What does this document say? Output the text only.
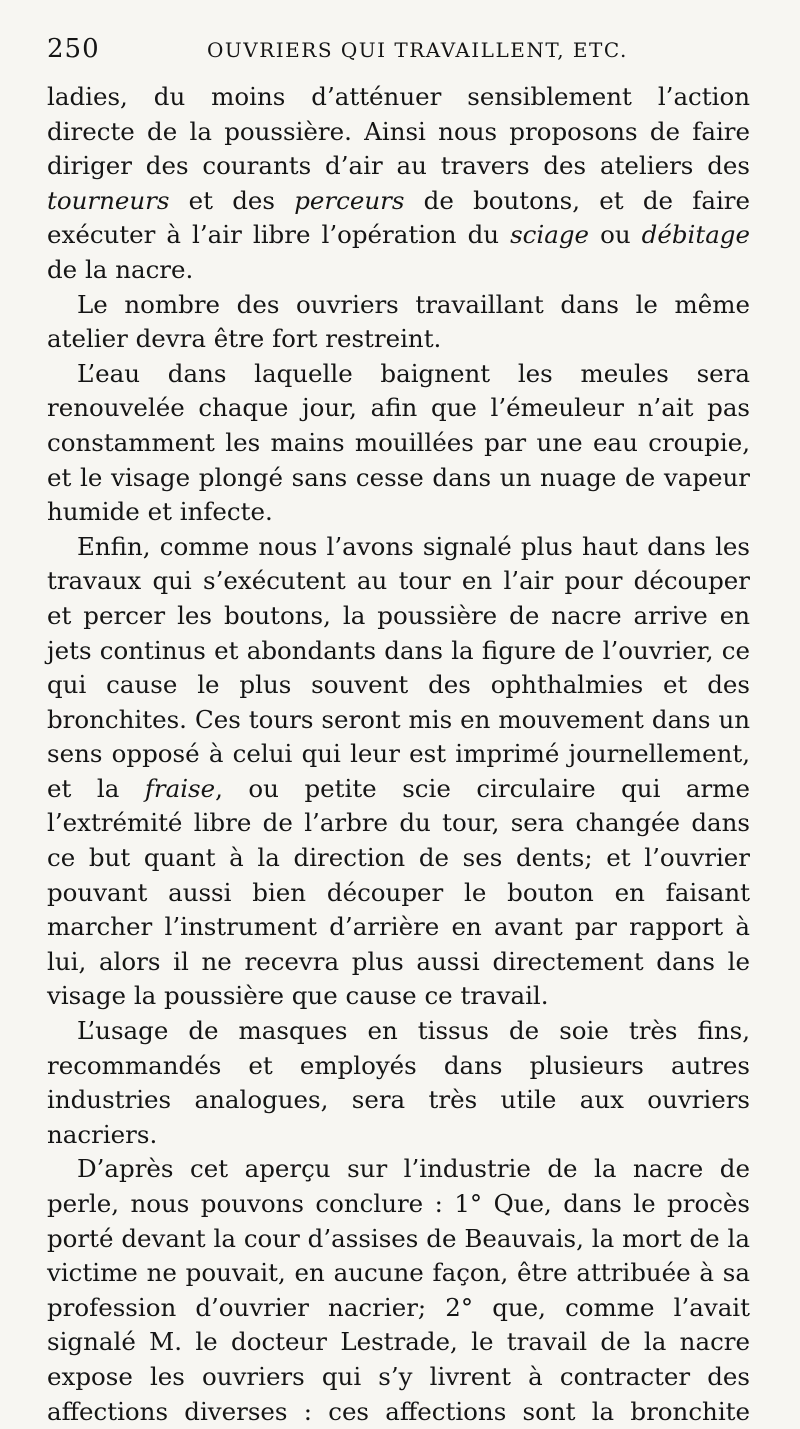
250	OUVRIERS QUI TRAVAILLENT, ETC.

ladies, du moins d’atténuer sensiblement l’action directe de la poussière. Ainsi nous proposons de faire diriger des courants d’air au travers des ateliers des tourneurs et des perceurs de boutons, et de faire exécuter à l’air libre l’opération du sciage ou débitage de la nacre.

Le nombre des ouvriers travaillant dans le même atelier devra être fort restreint.

L’eau dans laquelle baignent les meules sera renouvelée chaque jour, afin que l’émeuleur n’ait pas constamment les mains mouillées par une eau croupie, et le visage plongé sans cesse dans un nuage de vapeur humide et infecte.

Enfin, comme nous l’avons signalé plus haut dans les travaux qui s’exécutent au tour en l’air pour découper et percer les boutons, la poussière de nacre arrive en jets continus et abondants dans la figure de l’ouvrier, ce qui cause le plus souvent des ophthalmies et des bronchites. Ces tours seront mis en mouvement dans un sens opposé à celui qui leur est imprimé journellement, et la fraise, ou petite scie circulaire qui arme l’extrémité libre de l’arbre du tour, sera changée dans ce but quant à la direction de ses dents; et l’ouvrier pouvant aussi bien découper le bouton en faisant marcher l’instrument d’arrière en avant par rapport à lui, alors il ne recevra plus aussi directement dans le visage la poussière que cause ce travail.

L’usage de masques en tissus de soie très fins, recommandés et employés dans plusieurs autres industries analogues, sera très utile aux ouvriers nacriers.

D’après cet aperçu sur l’industrie de la nacre de perle, nous pouvons conclure : 1° Que, dans le procès porté devant la cour d’assises de Beauvais, la mort de la victime ne pouvait, en aucune façon, être attribuée à sa profession d’ouvrier nacrier; 2° que, comme l’avait signalé M. le docteur Lestrade, le travail de la nacre expose les ouvriers qui s’y livrent à contracter des affections diverses : ces affections sont la bronchite
